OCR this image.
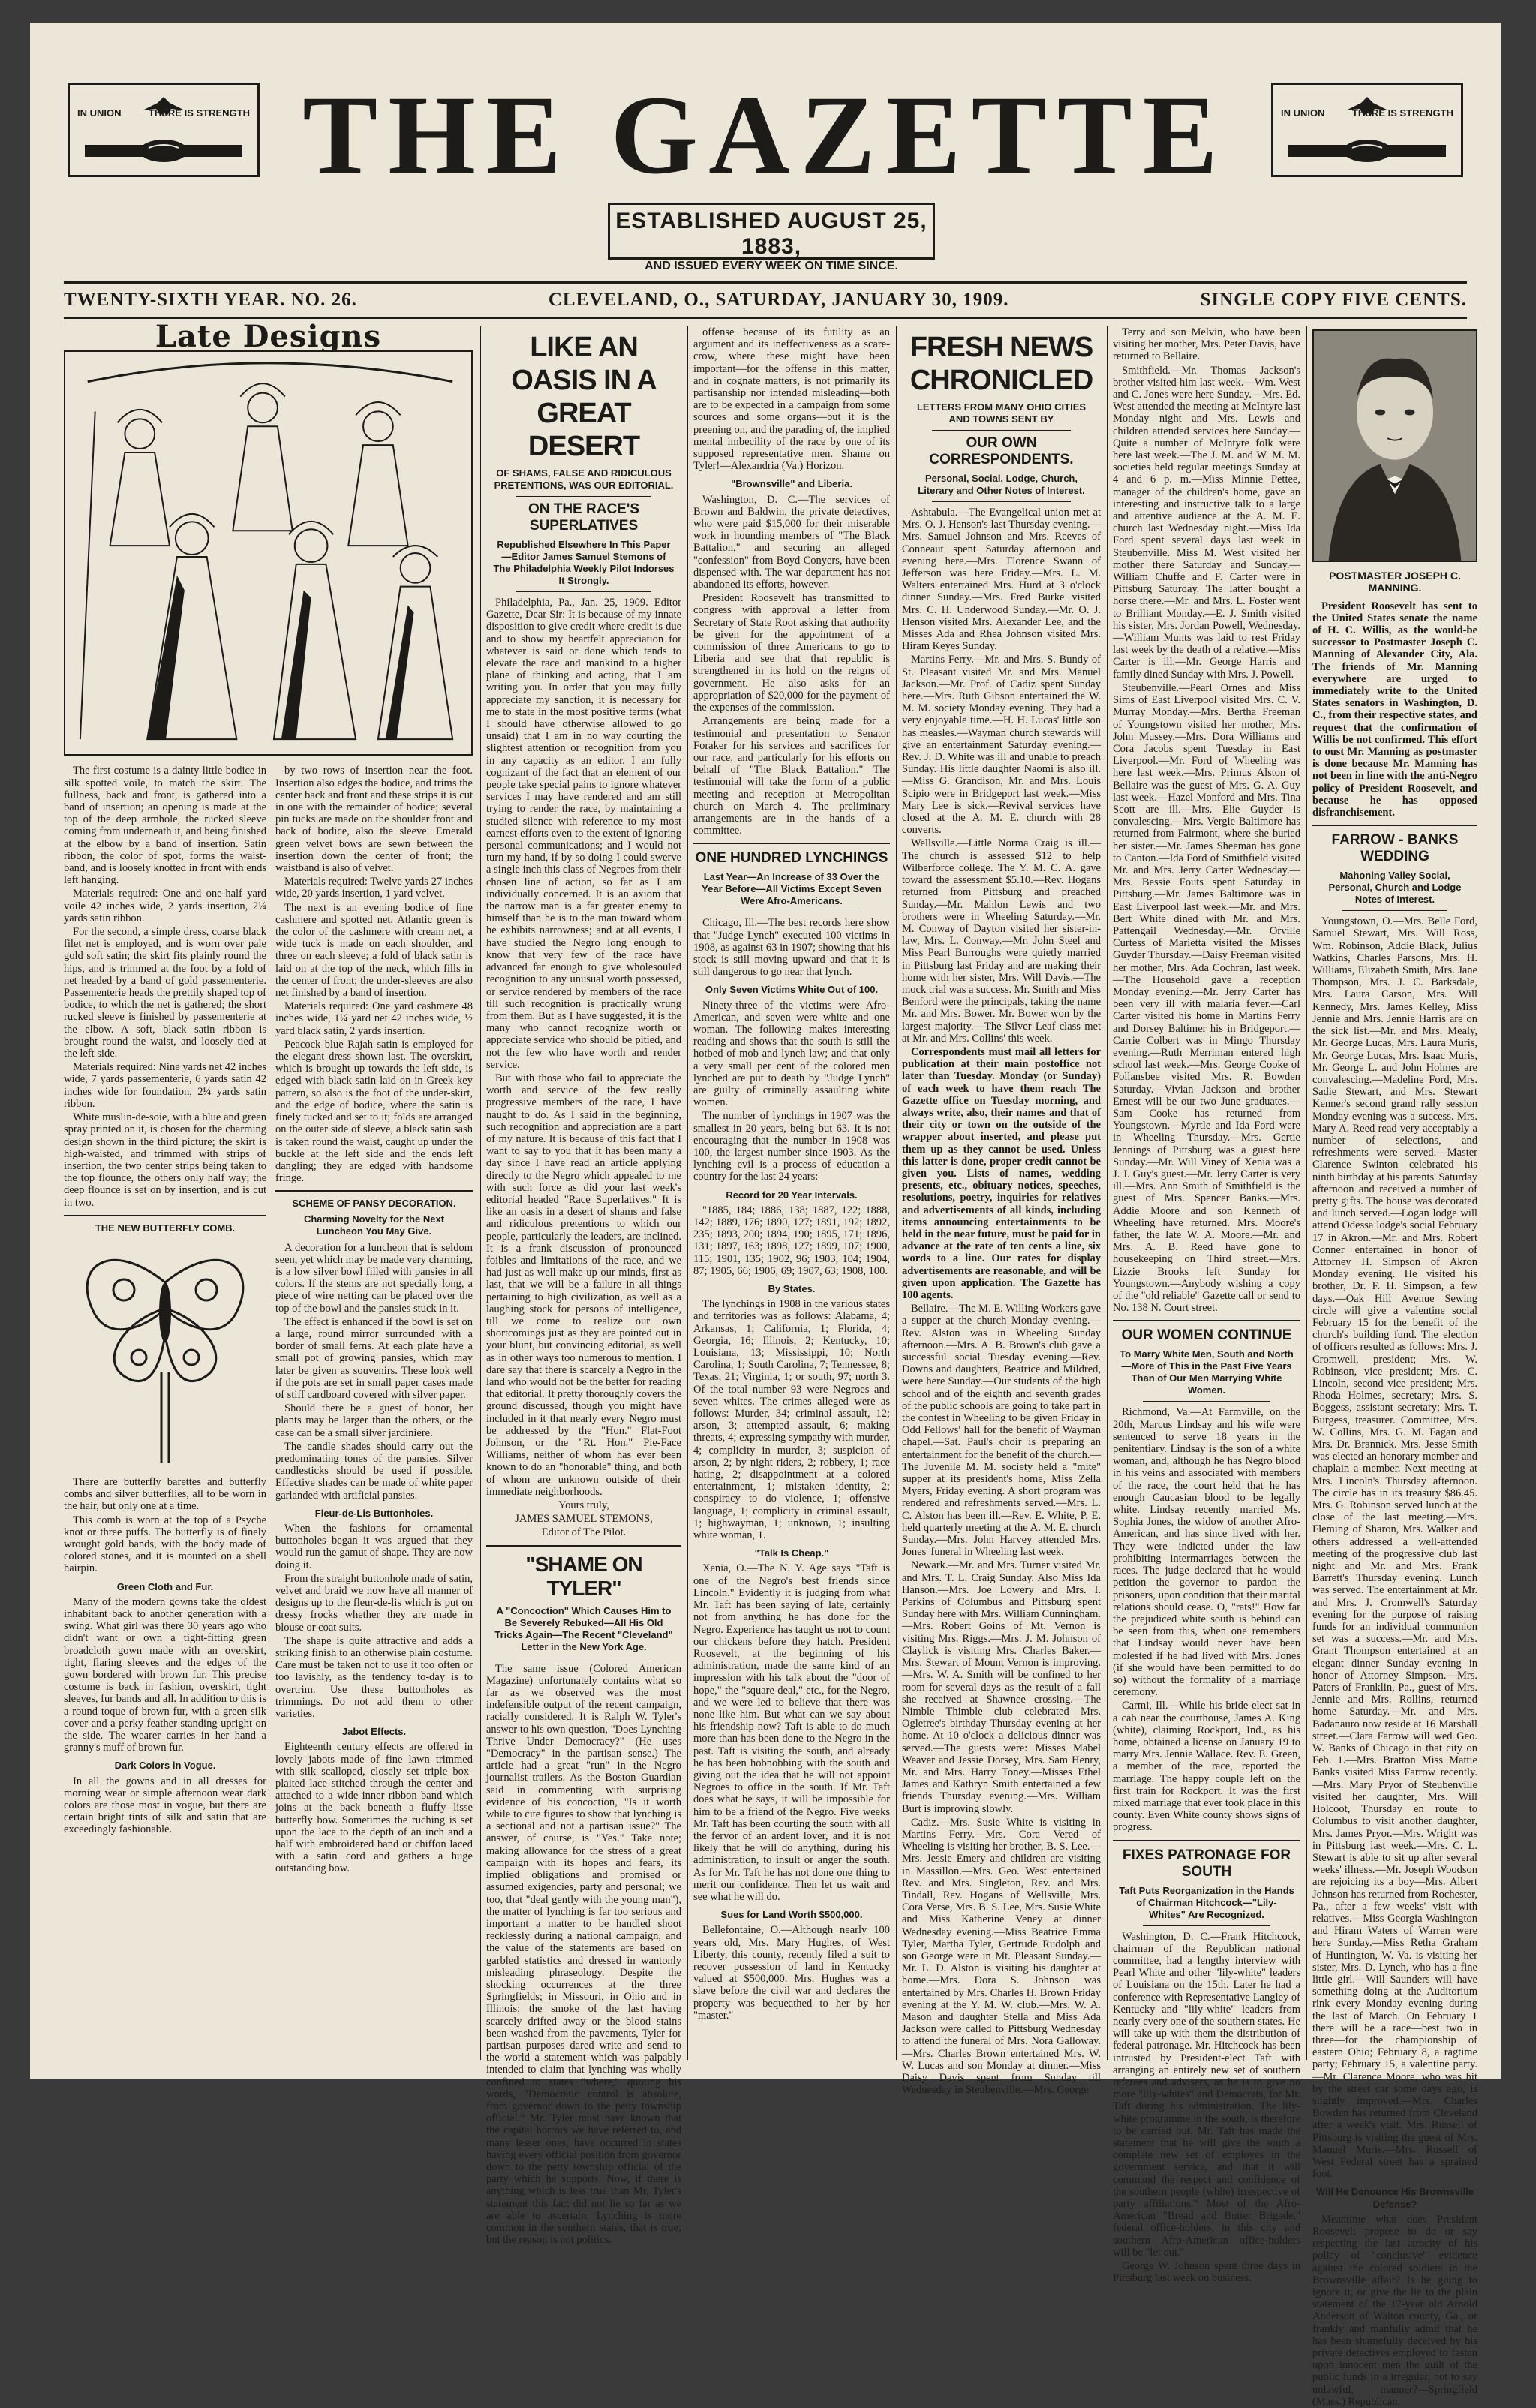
IN UNION	THERE IS STRENGTH THE GAZETTE	IN UNION	THERE IS STRENGTH
ESTABLISHED AUGUST 25, 1883,
AND ISSUED EVERY WEEK ON TIME SINCE.
TWENTY-SIXTH YEAR. NO. 26.	CLEVELAND, O., SATURDAY, JANUARY 30, 1909.	SINGLE COPY FIVE CENTS.
Late Designs

The first costume is a dainty little bodice in silk spotted voile, to match the skirt. The fullness, back and front, is gathered into a band of insertion; an opening is made at the top of the deep armhole, the rucked sleeve coming from underneath it, and being finished at the elbow by a band of insertion. Satin ribbon, the color of spot, forms the waist-band, and is loosely knotted in front with ends left hanging.

Materials required: One and one-half yard voile 42 inches wide, 2 yards insertion, 2¼ yards satin ribbon.

For the second, a simple dress, coarse black filet net is employed, and is worn over pale gold soft satin; the skirt fits plainly round the hips, and is trimmed at the foot by a fold of net headed by a band of gold passementerie. Passementerie heads the prettily shaped top of bodice, to which the net is gathered; the short rucked sleeve is finished by passementerie at the elbow. A soft, black satin ribbon is brought round the waist, and loosely tied at the left side.

Materials required: Nine yards net 42 inches wide, 7 yards passementerie, 6 yards satin 42 inches wide for foundation, 2¼ yards satin ribbon.

White muslin-de-soie, with a blue and green spray printed on it, is chosen for the charming design shown in the third picture; the skirt is high-waisted, and trimmed with strips of insertion, the two center strips being taken to the top flounce, the others only half way; the deep flounce is set on by insertion, and is cut in two.

THE NEW BUTTERFLY COMB.

There are butterfly barettes and butterfly combs and silver butterflies, all to be worn in the hair, but only one at a time.

This comb is worn at the top of a Psyche knot or three puffs. The butterfly is of finely wrought gold bands, with the body made of colored stones, and it is mounted on a shell hairpin.

Green Cloth and Fur.

Many of the modern gowns take the oldest inhabitant back to another generation with a swing. What girl was there 30 years ago who didn't want or own a tight-fitting green broadcloth gown made with an overskirt, tight, flaring sleeves and the edges of the gown bordered with brown fur. This precise costume is back in fashion, overskirt, tight sleeves, fur bands and all. In addition to this is a round toque of brown fur, with a green silk cover and a perky feather standing upright on the side. The wearer carries in her hand a granny's muff of brown fur.

Dark Colors in Vogue.

In all the gowns and in all dresses for morning wear or simple afternoon wear dark colors are those most in vogue, but there are certain bright tints of silk and satin that are exceedingly fashionable.

by two rows of insertion near the foot. Insertion also edges the bodice, and trims the center back and front and these strips it is cut in one with the remainder of bodice; several pin tucks are made on the shoulder front and back of bodice, also the sleeve. Emerald green velvet bows are sewn between the insertion down the center of front; the waistband is also of velvet.

Materials required: Twelve yards 27 inches wide, 20 yards insertion, 1 yard velvet.

The next is an evening bodice of fine cashmere and spotted net. Atlantic green is the color of the cashmere with cream net, a wide tuck is made on each shoulder, and three on each sleeve; a fold of black satin is laid on at the top of the neck, which fills in the center of front; the under-sleeves are also net finished by a band of insertion.

Materials required: One yard cashmere 48 inches wide, 1¼ yard net 42 inches wide, ½ yard black satin, 2 yards insertion.

Peacock blue Rajah satin is employed for the elegant dress shown last. The overskirt, which is brought up towards the left side, is edged with black satin laid on in Greek key pattern, so also is the foot of the under-skirt, and the edge of bodice, where the satin is finely tucked and set to it; folds are arranged on the outer side of sleeve, a black satin sash is taken round the waist, caught up under the buckle at the left side and the ends left dangling; they are edged with handsome fringe.

SCHEME OF PANSY DECORATION.
Charming Novelty for the Next Luncheon You May Give.

A decoration for a luncheon that is seldom seen, yet which may be made very charming, is a low silver bowl filled with pansies in all colors. If the stems are not specially long, a piece of wire netting can be placed over the top of the bowl and the pansies stuck in it.

The effect is enhanced if the bowl is set on a large, round mirror surrounded with a border of small ferns. At each plate have a small pot of growing pansies, which may later be given as souvenirs. These look well if the pots are set in small paper cases made of stiff cardboard covered with silver paper.

Should there be a guest of honor, her plants may be larger than the others, or the case can be a small silver jardiniere.

The candle shades should carry out the predominating tones of the pansies. Silver candlesticks should be used if possible. Effective shades can be made of white paper garlanded with artificial pansies.

Fleur-de-Lis Buttonholes.

When the fashions for ornamental buttonholes began it was argued that they would run the gamut of shape. They are now doing it.

From the straight buttonhole made of satin, velvet and braid we now have all manner of designs up to the fleur-de-lis which is put on dressy frocks whether they are made in blouse or coat suits.

The shape is quite attractive and adds a striking finish to an otherwise plain costume. Care must be taken not to use it too often or too lavishly, as the tendency to-day is to overtrim. Use these buttonholes as trimmings. Do not add them to other varieties.

Jabot Effects.

Eighteenth century effects are offered in lovely jabots made of fine lawn trimmed with silk scalloped, closely set triple box-plaited lace stitched through the center and attached to a wide inner ribbon band which joins at the back beneath a fluffy lisse butterfly bow. Sometimes the ruching is set upon the lace to the depth of an inch and a half with embroidered band or chiffon laced with a satin cord and gathers a huge outstanding bow.

LIKE AN OASIS IN A GREAT DESERT
OF SHAMS, FALSE AND RIDICULOUS PRETENTIONS, WAS OUR EDITORIAL.
ON THE RACE'S SUPERLATIVES
Republished Elsewhere In This Paper —Editor James Samuel Stemons of The Philadelphia Weekly Pilot Indorses It Strongly.

Philadelphia, Pa., Jan. 25, 1909. Editor Gazette, Dear Sir: It is because of my innate disposition to give credit where credit is due and to show my heartfelt appreciation for whatever is said or done which tends to elevate the race and mankind to a higher plane of thinking and acting, that I am writing you. In order that you may fully appreciate my sanction, it is necessary for me to state in the most positive terms (what I should have otherwise allowed to go unsaid) that I am in no way courting the slightest attention or recognition from you in any capacity as an editor. I am fully cognizant of the fact that an element of our people take special pains to ignore whatever services I may have rendered and am still trying to render the race, by maintaining a studied silence with reference to my most earnest efforts even to the extent of ignoring personal communications; and I would not turn my hand, if by so doing I could swerve a single inch this class of Negroes from their chosen line of action, so far as I am individually concerned. It is an axiom that the narrow man is a far greater enemy to himself than he is to the man toward whom he exhibits narrowness; and at all events, I have studied the Negro long enough to know that very few of the race have advanced far enough to give wholesouled recognition to any unusual worth possessed, or service rendered by members of the race till such recognition is practically wrung from them. But as I have suggested, it is the many who cannot recognize worth or appreciate service who should be pitied, and not the few who have worth and render service.

But with those who fail to appreciate the worth and service of the few really progressive members of the race, I have naught to do. As I said in the beginning, such recognition and appreciation are a part of my nature. It is because of this fact that I want to say to you that it has been many a day since I have read an article applying directly to the Negro which appealed to me with such force as did your last week's editorial headed "Race Superlatives." It is like an oasis in a desert of shams and false and ridiculous pretentions to which our people, particularly the leaders, are inclined. It is a frank discussion of pronounced foibles and limitations of the race, and we had just as well make up our minds, first as last, that we will be a failure in all things pertaining to high civilization, as well as a laughing stock for persons of intelligence, till we come to realize our own shortcomings just as they are pointed out in your blunt, but convincing editorial, as well as in other ways too numerous to mention. I dare say that there is scarcely a Negro in the land who would not be the better for reading that editorial. It pretty thoroughly covers the ground discussed, though you might have included in it that nearly every Negro must be addressed by the "Hon." Flat-Foot Johnson, or the "Rt. Hon." Pie-Face Williams, neither of whom has ever been known to do an "honorable" thing, and both of whom are unknown outside of their immediate neighborhoods.

Yours truly,

JAMES SAMUEL STEMONS,

Editor of The Pilot.

"SHAME ON TYLER"
A "Concoction" Which Causes Him to Be Severely Rebuked—All His Old Tricks Again—The Recent "Cleveland" Letter in the New York Age.

The same issue (Colored American Magazine) unfortunately contains what so far as we observed was the most indefensible output of the recent campaign, racially considered. It is Ralph W. Tyler's answer to his own question, "Does Lynching Thrive Under Democracy?" (He uses "Democracy" in the partisan sense.) The article had a great "run" in the Negro journalist trailers. As the Boston Guardian said in commenting with surprising evidence of his concoction, "Is it worth while to cite figures to show that lynching is a sectional and not a partisan issue?" The answer, of course, is "Yes." Take note; making allowance for the stress of a great campaign with its hopes and fears, its implied obligations and promised or assumed exigencies, party and personal; we too, that "deal gently with the young man"), the matter of lynching is far too serious and important a matter to be handled shoot recklessly during a national campaign, and the value of the statements are based on garbled statistics and dressed in wantonly misleading phraseology. Despite the shocking occurrences at the three Springfields; in Missouri, in Ohio and in Illinois; the smoke of the last having scarcely drifted away or the blood stains been washed from the pavements, Tyler for partisan purposes dared write and send to the world a statement which was palpably intended to claim that lynching was wholly confined to states "where," quoting his words, "Democratic control is absolute, from governor down to the petty township official." Mr. Tyler must have known that the capital horrors we have referred to, and many lesser ones, have occurred in states having every official position from governor down to the petty township official of the party which he supports. Now, if there is anything which is less true than Mr. Tyler's statement this fact did not lie so far as we are able to ascertain. Lynching is more common in the southern states, that is true; but the reason is not politics.

offense because of its futility as an argument and its ineffectiveness as a scare-crow, where these might have been important—for the offense in this matter, and in cognate matters, is not primarily its partisanship nor intended misleading—both are to be expected in a campaign from some sources and some organs—but it is the preening on, and the parading of, the implied mental imbecility of the race by one of its supposed representative men. Shame on Tyler!—Alexandria (Va.) Horizon.

"Brownsville" and Liberia.

Washington, D. C.—The services of Brown and Baldwin, the private detectives, who were paid $15,000 for their miserable work in hounding members of "The Black Battalion," and securing an alleged "confession" from Boyd Conyers, have been dispensed with. The war department has not abandoned its efforts, however.

President Roosevelt has transmitted to congress with approval a letter from Secretary of State Root asking that authority be given for the appointment of a commission of three Americans to go to Liberia and see that that republic is strengthened in its hold on the reigns of government. He also asks for an appropriation of $20,000 for the payment of the expenses of the commission.

Arrangements are being made for a testimonial and presentation to Senator Foraker for his services and sacrifices for our race, and particularly for his efforts on behalf of "The Black Battalion." The testimonial will take the form of a public meeting and reception at Metropolitan church on March 4. The preliminary arrangements are in the hands of a committee.

ONE HUNDRED LYNCHINGS
Last Year—An Increase of 33 Over the Year Before—All Victims Except Seven Were Afro-Americans.

Chicago, Ill.—The best records here show that "Judge Lynch" executed 100 victims in 1908, as against 63 in 1907; showing that his stock is still moving upward and that it is still dangerous to go near that lynch.

Only Seven Victims White Out of 100.

Ninety-three of the victims were Afro-American, and seven were white and one woman. The following makes interesting reading and shows that the south is still the hotbed of mob and lynch law; and that only a very small per cent of the colored men lynched are put to death by "Judge Lynch" are guilty of criminally assaulting white women.

The number of lynchings in 1907 was the smallest in 20 years, being but 63. It is not encouraging that the number in 1908 was 100, the largest number since 1903. As the lynching evil is a process of education a country for the last 24 years:

Record for 20 Year Intervals.

"1885, 184; 1886, 138; 1887, 122; 1888, 142; 1889, 176; 1890, 127; 1891, 192; 1892, 235; 1893, 200; 1894, 190; 1895, 171; 1896, 131; 1897, 163; 1898, 127; 1899, 107; 1900, 115; 1901, 135; 1902, 96; 1903, 104; 1904, 87; 1905, 66; 1906, 69; 1907, 63; 1908, 100.

By States.

The lynchings in 1908 in the various states and territories was as follows: Alabama, 4; Arkansas, 1; California, 1; Florida, 4; Georgia, 16; Illinois, 2; Kentucky, 10; Louisiana, 13; Mississippi, 10; North Carolina, 1; South Carolina, 7; Tennessee, 8; Texas, 21; Virginia, 1; or south, 97; north 3. Of the total number 93 were Negroes and seven whites. The crimes alleged were as follows: Murder, 34; criminal assault, 12; arson, 3; attempted assault, 6; making threats, 4; expressing sympathy with murder, 4; complicity in murder, 3; suspicion of arson, 2; by night riders, 2; robbery, 1; race hating, 2; disappointment at a colored entertainment, 1; mistaken identity, 2; conspiracy to do violence, 1; offensive language, 1; complicity in criminal assault, 1; highwayman, 1; unknown, 1; insulting white woman, 1.

"Talk Is Cheap."

Xenia, O.—The N. Y. Age says "Taft is one of the Negro's best friends since Lincoln." Evidently it is judging from what Mr. Taft has been saying of late, certainly not from anything he has done for the Negro. Experience has taught us not to count our chickens before they hatch. President Roosevelt, at the beginning of his administration, made the same kind of an impression with his talk about the "door of hope," the "square deal," etc., for the Negro, and we were led to believe that there was none like him. But what can we say about his friendship now? Taft is able to do much more than has been done to the Negro in the past. Taft is visiting the south, and already he has been hobnobbing with the south and giving out the idea that he will not appoint Negroes to office in the south. If Mr. Taft does what he says, it will be impossible for him to be a friend of the Negro. Five weeks Mr. Taft has been courting the south with all the fervor of an ardent lover, and it is not likely that he will do anything, during his administration, to insult or anger the south. As for Mr. Taft he has not done one thing to merit our confidence. Then let us wait and see what he will do.

Sues for Land Worth $500,000.

Bellefontaine, O.—Although nearly 100 years old, Mrs. Mary Hughes, of West Liberty, this county, recently filed a suit to recover possession of land in Kentucky valued at $500,000. Mrs. Hughes was a slave before the civil war and declares the property was bequeathed to her by her "master."

FRESH NEWS CHRONICLED
LETTERS FROM MANY OHIO CITIES AND TOWNS SENT BY
OUR OWN CORRESPONDENTS.
Personal, Social, Lodge, Church, Literary and Other Notes of Interest.

Ashtabula.—The Evangelical union met at Mrs. O. J. Henson's last Thursday evening.—Mrs. Samuel Johnson and Mrs. Reeves of Conneaut spent Saturday afternoon and evening here.—Mrs. Florence Swann of Jefferson was here Friday.—Mrs. L. M. Walters entertained Mrs. Hurd at 3 o'clock dinner Sunday.—Mrs. Fred Burke visited Mrs. C. H. Underwood Sunday.—Mr. O. J. Henson visited Mrs. Alexander Lee, and the Misses Ada and Rhea Johnson visited Mrs. Hiram Keyes Sunday.

Martins Ferry.—Mr. and Mrs. S. Bundy of St. Pleasant visited Mr. and Mrs. Manuel Jackson.—Mr. Prof. of Cadiz spent Sunday here.—Mrs. Ruth Gibson entertained the W. M. M. society Monday evening. They had a very enjoyable time.—H. H. Lucas' little son has measles.—Wayman church stewards will give an entertainment Saturday evening.—Rev. J. D. White was ill and unable to preach Sunday. His little daughter Naomi is also ill.—Miss G. Grandison, Mr. and Mrs. Louis Scipio were in Bridgeport last week.—Miss Mary Lee is sick.—Revival services have closed at the A. M. E. church with 28 converts.

Wellsville.—Little Norma Craig is ill.—The church is assessed $12 to help Wilberforce college. The Y. M. C. A. gave toward the assessment $5.10.—Rev. Hogans returned from Pittsburg and preached Sunday.—Mr. Mahlon Lewis and two brothers were in Wheeling Saturday.—Mr. M. Conway of Dayton visited her sister-in-law, Mrs. L. Conway.—Mr. John Steel and Miss Pearl Burroughs were quietly married in Pittsburg last Friday and are making their home with her sister, Mrs. Will Davis.—The mock trial was a success. Mr. Smith and Miss Benford were the principals, taking the name Mr. and Mrs. Bower. Mr. Bower won by the largest majority.—The Silver Leaf class met at Mr. and Mrs. Collins' this week.

Correspondents must mail all letters for publication at their main postoffice not later than Tuesday. Monday (or Sunday) of each week to have them reach The Gazette office on Tuesday morning, and always write, also, their names and that of their city or town on the outside of the wrapper about inserted, and please put them up as they cannot be used. Unless this latter is done, proper credit cannot be given you. Lists of names, wedding presents, etc., obituary notices, speeches, resolutions, poetry, inquiries for relatives and advertisements of all kinds, including items announcing entertainments to be held in the near future, must be paid for in advance at the rate of ten cents a line, six words to a line. Our rates for display advertisements are reasonable, and will be given upon application. The Gazette has 100 agents.

Bellaire.—The M. E. Willing Workers gave a supper at the church Monday evening.—Rev. Alston was in Wheeling Sunday afternoon.—Mrs. A. B. Brown's club gave a successful social Tuesday evening.—Rev. Downs and daughters, Beatrice and Mildred, were here Sunday.—Our students of the high school and of the eighth and seventh grades of the public schools are going to take part in the contest in Wheeling to be given Friday in Odd Fellows' hall for the benefit of Wayman chapel.—Sat. Paul's choir is preparing an entertainment for the benefit of the church.—The Juvenile M. M. society held a "mite" supper at its president's home, Miss Zella Myers, Friday evening. A short program was rendered and refreshments served.—Mrs. L. C. Alston has been ill.—Rev. E. White, P. E. held quarterly meeting at the A. M. E. church Sunday.—Mrs. John Harvey attended Mrs. Jones' funeral in Wheeling last week.

Newark.—Mr. and Mrs. Turner visited Mr. and Mrs. T. L. Craig Sunday. Also Miss Ida Hanson.—Mrs. Joe Lowery and Mrs. I. Perkins of Columbus and Pittsburg spent Sunday here with Mrs. William Cunningham.—Mrs. Robert Goins of Mt. Vernon is visiting Mrs. Riggs.—Mrs. J. M. Johnson of Claylick is visiting Mrs. Charles Baker.—Mrs. Stewart of Mount Vernon is improving.—Mrs. W. A. Smith will be confined to her room for several days as the result of a fall she received at Shawnee crossing.—The Nimble Thimble club celebrated Mrs. Ogletree's birthday Thursday evening at her home. At 10 o'clock a delicious dinner was served.—The guests were: Misses Mabel Weaver and Jessie Dorsey, Mrs. Sam Henry, Mr. and Mrs. Harry Toney.—Misses Ethel James and Kathryn Smith entertained a few friends Thursday evening.—Mrs. William Burt is improving slowly.

Cadiz.—Mrs. Susie White is visiting in Martins Ferry.—Mrs. Cora Vered of Wheeling is visiting her brother, B. S. Lee.—Mrs. Jessie Emery and children are visiting in Massillon.—Mrs. Geo. West entertained Rev. and Mrs. Singleton, Rev. and Mrs. Tindall, Rev. Hogans of Wellsville, Mrs. Cora Verse, Mrs. B. S. Lee, Mrs. Susie White and Miss Katherine Veney at dinner Wednesday evening.—Miss Beatrice Emma Tyler, Martha Tyler, Gertrude Rudolph and son George were in Mt. Pleasant Sunday.—Mr. L. D. Alston is visiting his daughter at home.—Mrs. Dora S. Johnson was entertained by Mrs. Charles H. Brown Friday evening at the Y. M. W. club.—Mrs. W. A. Mason and daughter Stella and Miss Ada Jackson were called to Pittsburg Wednesday to attend the funeral of Mrs. Nora Galloway.—Mrs. Charles Brown entertained Mrs. W. W. Lucas and son Monday at dinner.—Miss Daisy Davis spent from Sunday till Wednesday in Steubenville.—Mrs. George

Terry and son Melvin, who have been visiting her mother, Mrs. Peter Davis, have returned to Bellaire.

Smithfield.—Mr. Thomas Jackson's brother visited him last week.—Wm. West and C. Jones were here Sunday.—Mrs. Ed. West attended the meeting at McIntyre last Monday night and Mrs. Lewis and children attended services here Sunday.—Quite a number of McIntyre folk were here last week.—The J. M. and W. M. M. societies held regular meetings Sunday at 4 and 6 p. m.—Miss Minnie Pettee, manager of the children's home, gave an interesting and instructive talk to a large and attentive audience at the A. M. E. church last Wednesday night.—Miss Ida Ford spent several days last week in Steubenville. Miss M. West visited her mother there Saturday and Sunday.—William Chuffe and F. Carter were in Pittsburg Saturday. The latter bought a horse there.—Mr. and Mrs. L. Foster went to Brilliant Monday.—E. J. Smith visited his sister, Mrs. Jordan Powell, Wednesday.—William Munts was laid to rest Friday last week by the death of a relative.—Miss Carter is ill.—Mr. George Harris and family dined Sunday with Mrs. J. Powell.

Steubenville.—Pearl Ornes and Miss Sims of East Liverpool visited Mrs. C. V. Murray Monday.—Mrs. Bertha Freeman of Youngstown visited her mother, Mrs. John Mussey.—Mrs. Dora Williams and Cora Jacobs spent Tuesday in East Liverpool.—Mr. Ford of Wheeling was here last week.—Mrs. Primus Alston of Bellaire was the guest of Mrs. G. A. Guy last week.—Hazel Monford and Mrs. Tina Scott are ill.—Mrs. Elie Guyder is convalescing.—Mrs. Vergie Baltimore has returned from Fairmont, where she buried her sister.—Mr. James Sheeman has gone to Canton.—Ida Ford of Smithfield visited Mr. and Mrs. Jerry Carter Wednesday.—Mrs. Bessie Fouts spent Saturday in Pittsburg.—Mr. James Baltimore was in East Liverpool last week.—Mr. and Mrs. Bert White dined with Mr. and Mrs. Pattengail Wednesday.—Mr. Orville Curtess of Marietta visited the Misses Guyder Thursday.—Daisy Freeman visited her mother, Mrs. Ada Cochran, last week.—The Household gave a reception Monday evening.—Mr. Jerry Carter has been very ill with malaria fever.—Carl Carter visited his home in Martins Ferry and Dorsey Baltimer his in Bridgeport.—Carrie Colbert was in Mingo Thursday evening.—Ruth Merriman entered high school last week.—Mrs. George Cooke of Follansbee visited Mrs. R. Bowden Saturday.—Vivian Jackson and brother Ernest will be our two June graduates.—Sam Cooke has returned from Youngstown.—Myrtle and Ida Ford were in Wheeling Thursday.—Mrs. Gertie Jennings of Pittsburg was a guest here Sunday.—Mr. Will Viney of Xenia was a J. J. Guy's guest.—Mr. Jerry Carter is very ill.—Mrs. Ann Smith of Smithfield is the guest of Mrs. Spencer Banks.—Mrs. Addie Moore and son Kenneth of Wheeling have returned. Mrs. Moore's father, the late W. A. Moore.—Mr. and Mrs. A. B. Reed have gone to housekeeping on Third street.—Mrs. Lizzie Brooks left Sunday for Youngstown.—Anybody wishing a copy of the "old reliable" Gazette call or send to No. 138 N. Court street.

OUR WOMEN CONTINUE
To Marry White Men, South and North—More of This in the Past Five Years Than of Our Men Marrying White Women.

Richmond, Va.—At Farmville, on the 20th, Marcus Lindsay and his wife were sentenced to serve 18 years in the penitentiary. Lindsay is the son of a white woman, and, although he has Negro blood in his veins and associated with members of the race, the court held that he has enough Caucasian blood to be legally white. Lindsay recently married Ms. Sophia Jones, the widow of another Afro-American, and has since lived with her. They were indicted under the law prohibiting intermarriages between the races. The judge declared that he would petition the governor to pardon the prisoners, upon condition that their marital relations should cease. O, "rats!" How far the prejudiced white south is behind can be seen from this, when one remembers that Lindsay would never have been molested if he had lived with Mrs. Jones (if she would have been permitted to do so) without the formality of a marriage ceremony.

Carmi, Ill.—While his bride-elect sat in a cab near the courthouse, James A. King (white), claiming Rockport, Ind., as his home, obtained a license on January 19 to marry Mrs. Jennie Wallace. Rev. E. Green, a member of the race, reported the marriage. The happy couple left on the first train for Rockport. It was the first mixed marriage that ever took place in this county. Even White county shows signs of progress.

FIXES PATRONAGE FOR SOUTH
Taft Puts Reorganization in the Hands of Chairman Hitchcock—"Lily-Whites" Are Recognized.

Washington, D. C.—Frank Hitchcock, chairman of the Republican national committee, had a lengthy interview with Pearl White and other "lily-white" leaders of Louisiana on the 15th. Later he had a conference with Representative Langley of Kentucky and "lily-white" leaders from nearly every one of the southern states. He will take up with them the distribution of federal patronage. Mr. Hitchcock has been intrusted by President-elect Taft with arranging an entirely new set of southern referees and advisers, as he is to give no more "lily-whites" and Democrats, for Mr. Taft during his administration. The lily-white programme in the south, is therefore to be carried out. Mr. Taft has made the statement that he will give the south a complete new set of employes in the government service, and that it will command the respect and confidence of the southern people (white) irrespective of party affiliations." Most of the Afro-American "Bread and Butter Brigade," federal office-holders, in this city and southern Afro-American office-holders will be "let out."

George W. Johnson spent three days in Pittsburg last week on business.

POSTMASTER JOSEPH C. MANNING.

President Roosevelt has sent to the United States senate the name of H. C. Willis, as the would-be successor to Postmaster Joseph C. Manning of Alexander City, Ala. The friends of Mr. Manning everywhere are urged to immediately write to the United States senators in Washington, D. C., from their respective states, and request that the confirmation of Willis be not confirmed. This effort to oust Mr. Manning as postmaster is done because Mr. Manning has not been in line with the anti-Negro policy of President Roosevelt, and because he has opposed disfranchisement.

FARROW - BANKS WEDDING
Mahoning Valley Social, Personal, Church and Lodge Notes of Interest.

Youngstown, O.—Mrs. Belle Ford, Samuel Stewart, Mrs. Will Ross, Wm. Robinson, Addie Black, Julius Watkins, Charles Parsons, Mrs. H. Williams, Elizabeth Smith, Mrs. Jane Thompson, Mrs. J. C. Barksdale, Mrs. Laura Carson, Mrs. Will Kennedy, Mrs. James Kelley, Miss Jennie and Mrs. Jennie Harris are on the sick list.—Mr. and Mrs. Mealy, Mr. George Lucas, Mrs. Laura Muris, Mr. George Lucas, Mrs. Isaac Muris, Mr. George L. and John Holmes are convalescing.—Madeline Ford, Mrs. Sadie Stewart, and Mrs. Stewart Kenner's second grand rally session Monday evening was a success. Mrs. Mary A. Reed read very acceptably a number of selections, and refreshments were served.—Master Clarence Swinton celebrated his ninth birthday at his parents' Saturday afternoon and received a number of pretty gifts. The house was decorated and lunch served.—Logan lodge will attend Odessa lodge's social February 17 in Akron.—Mr. and Mrs. Robert Conner entertained in honor of Attorney H. Simpson of Akron Monday evening. He visited his brother, Dr. F. H. Simpson, a few days.—Oak Hill Avenue Sewing circle will give a valentine social February 15 for the benefit of the church's building fund. The election of officers resulted as follows: Mrs. J. Cromwell, president; Mrs. W. Robinson, vice president; Mrs. C. Lincoln, second vice president; Mrs. Rhoda Holmes, secretary; Mrs. S. Boggess, assistant secretary; Mrs. T. Burgess, treasurer. Committee, Mrs. W. Collins, Mrs. G. M. Fagan and Mrs. Dr. Brannick. Mrs. Jesse Smith was elected an honorary member and chaplain a member. Next meeting at Mrs. Lincoln's Thursday afternoon. The circle has in its treasury $86.45. Mrs. G. Robinson served lunch at the close of the last meeting.—Mrs. Fleming of Sharon, Mrs. Walker and others addressed a well-attended meeting of the progressive club last night and Mr. and Mrs. Frank Barrett's Thursday evening. Lunch was served. The entertainment at Mr. and Mrs. J. Cromwell's Saturday evening for the purpose of raising funds for an individual communion set was a success.—Mr. and Mrs. Grant Thompson entertained at an elegant dinner Sunday evening in honor of Attorney Simpson.—Mrs. Paters of Franklin, Pa., guest of Mrs. Jennie and Mrs. Rollins, returned home Saturday.—Mr. and Mrs. Badanauro now reside at 16 Marshall street.—Clara Farrow will wed Geo. W. Banks of Chicago in that city on Feb. 1.—Mrs. Bratton Miss Mattie Banks visited Miss Farrow recently.—Mrs. Mary Pryor of Steubenville visited her daughter, Mrs. Will Holcoot, Thursday en route to Columbus to visit another daughter, Mrs. James Pryor.—Mrs. Wright was in Pittsburg last week.—Mrs. C. L. Stewart is able to sit up after several weeks' illness.—Mr. Joseph Woodson are rejoicing its a boy—Mrs. Albert Johnson has returned from Rochester, Pa., after a few weeks' visit with relatives.—Miss Georgia Washington and Hiram Waters of Warren were here Sunday.—Miss Retha Graham of Huntington, W. Va. is visiting her sister, Mrs. D. Lynch, who has a fine little girl.—Will Saunders will have something doing at the Auditorium rink every Monday evening during the last of March. On February 1 there will be a race—best two in three—for the championship of eastern Ohio; February 8, a ragtime party; February 15, a valentine party.—Mr. Clarence Moore, who was hit by the street car some days ago, is slightly improved.—Mrs. Charles Bowden has returned from Cleveland after a week's visit. Mrs. Russell of Pittsburg is visiting the guest of Mrs. Manuel Muris.—Mrs. Russell of West Federal street has a sprained foot.

Will He Denounce His Brownsville Defense?

Meantime what does President Roosevelt propose to do or say respecting the last atrocity of his policy of "conclusive" evidence against the colored soldiers in the Brownsville affair? Is he going to ignore it, or give the lie to the plain statement of the 17-year old Arnold Anderson of Walton county, Ga., or frankly and manfully admit that he has been shamefully deceived by his private detectives employed to fasten upon innocent men the guilt of the public funds in a irregular, not to say unlawful, manner?—Springfield (Mass.) Republican.
